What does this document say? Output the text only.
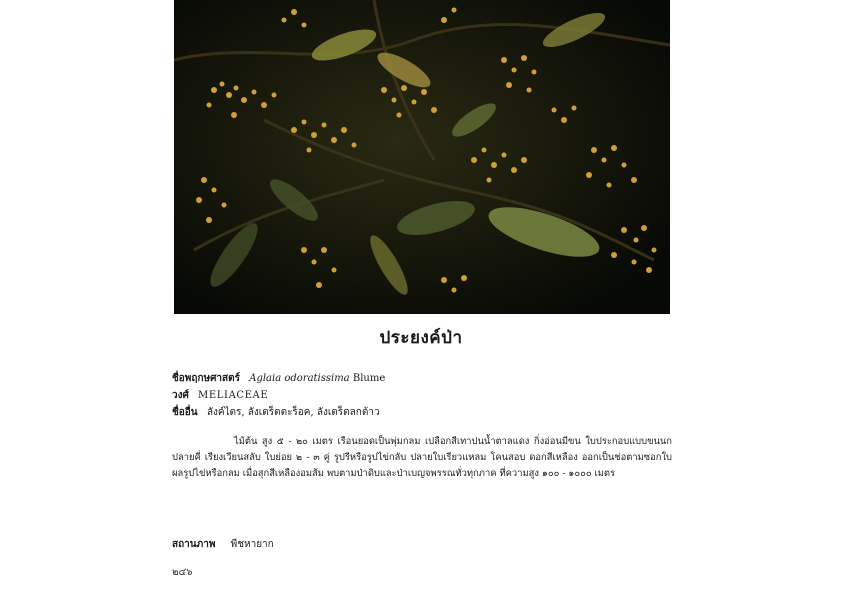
ประยงค์ป่า
ชื่อพฤกษศาสตร์ Aglaia odoratissima Blume
วงศ์ MELIACEAE
ชื่ออื่น ลังค์ไตร, ลังเตร็ตตะร็อค, ลังเตร็ตลกต้าว
ไม้ต้น สูง ๕ - ๒๐ เมตร เรือนยอดเป็นพุ่มกลม เปลือกสีเทาปนน้ำตาลแดง กิ่งอ่อนมีขน ใบประกอบแบบขนนกปลายคี่ เรียงเวียนสลับ ใบย่อย ๒ - ๓ คู่ รูปรีหรือรูปไข่กลับ ปลายใบเรียวแหลม โคนสอบ ดอกสีเหลือง ออกเป็นช่อตามซอกใบ ผลรูปไข่หรือกลม เมื่อสุกสีเหลืองอมส้ม พบตามป่าดิบและป่าเบญจพรรณทั่วทุกภาค ที่ความสูง ๑๐๐ - ๑๐๐๐ เมตร
สถานภาพ พืชหายาก
๒๔๖
